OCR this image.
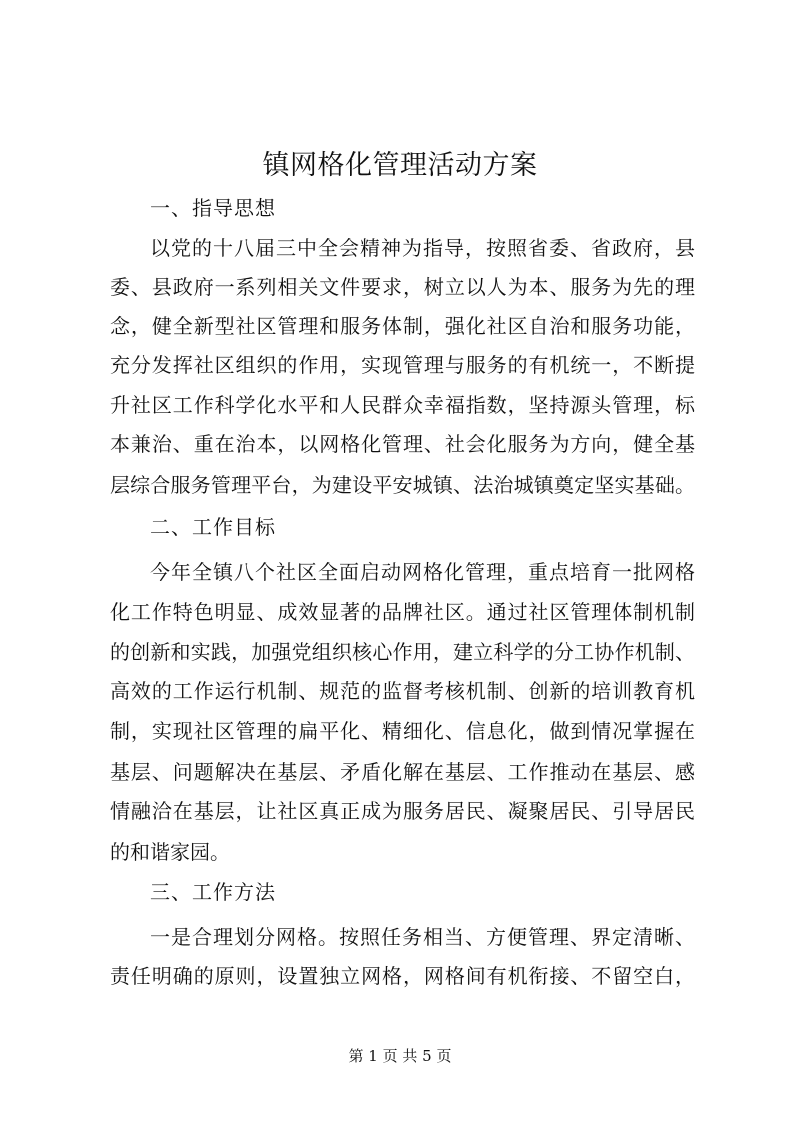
镇网格化管理活动方案
一、指导思想
以党的十八届三中全会精神为指导，按照省委、省政府，县
委、县政府一系列相关文件要求，树立以人为本、服务为先的理
念，健全新型社区管理和服务体制，强化社区自治和服务功能，
充分发挥社区组织的作用，实现管理与服务的有机统一，不断提
升社区工作科学化水平和人民群众幸福指数，坚持源头管理，标
本兼治、重在治本，以网格化管理、社会化服务为方向，健全基
层综合服务管理平台，为建设平安城镇、法治城镇奠定坚实基础。
二、工作目标
今年全镇八个社区全面启动网格化管理，重点培育一批网格
化工作特色明显、成效显著的品牌社区。通过社区管理体制机制
的创新和实践，加强党组织核心作用，建立科学的分工协作机制、
高效的工作运行机制、规范的监督考核机制、创新的培训教育机
制，实现社区管理的扁平化、精细化、信息化，做到情况掌握在
基层、问题解决在基层、矛盾化解在基层、工作推动在基层、感
情融洽在基层，让社区真正成为服务居民、凝聚居民、引导居民
的和谐家园。
三、工作方法
一是合理划分网格。按照任务相当、方便管理、界定清晰、
责任明确的原则，设置独立网格，网格间有机衔接、不留空白，
第 1 页 共 5 页
